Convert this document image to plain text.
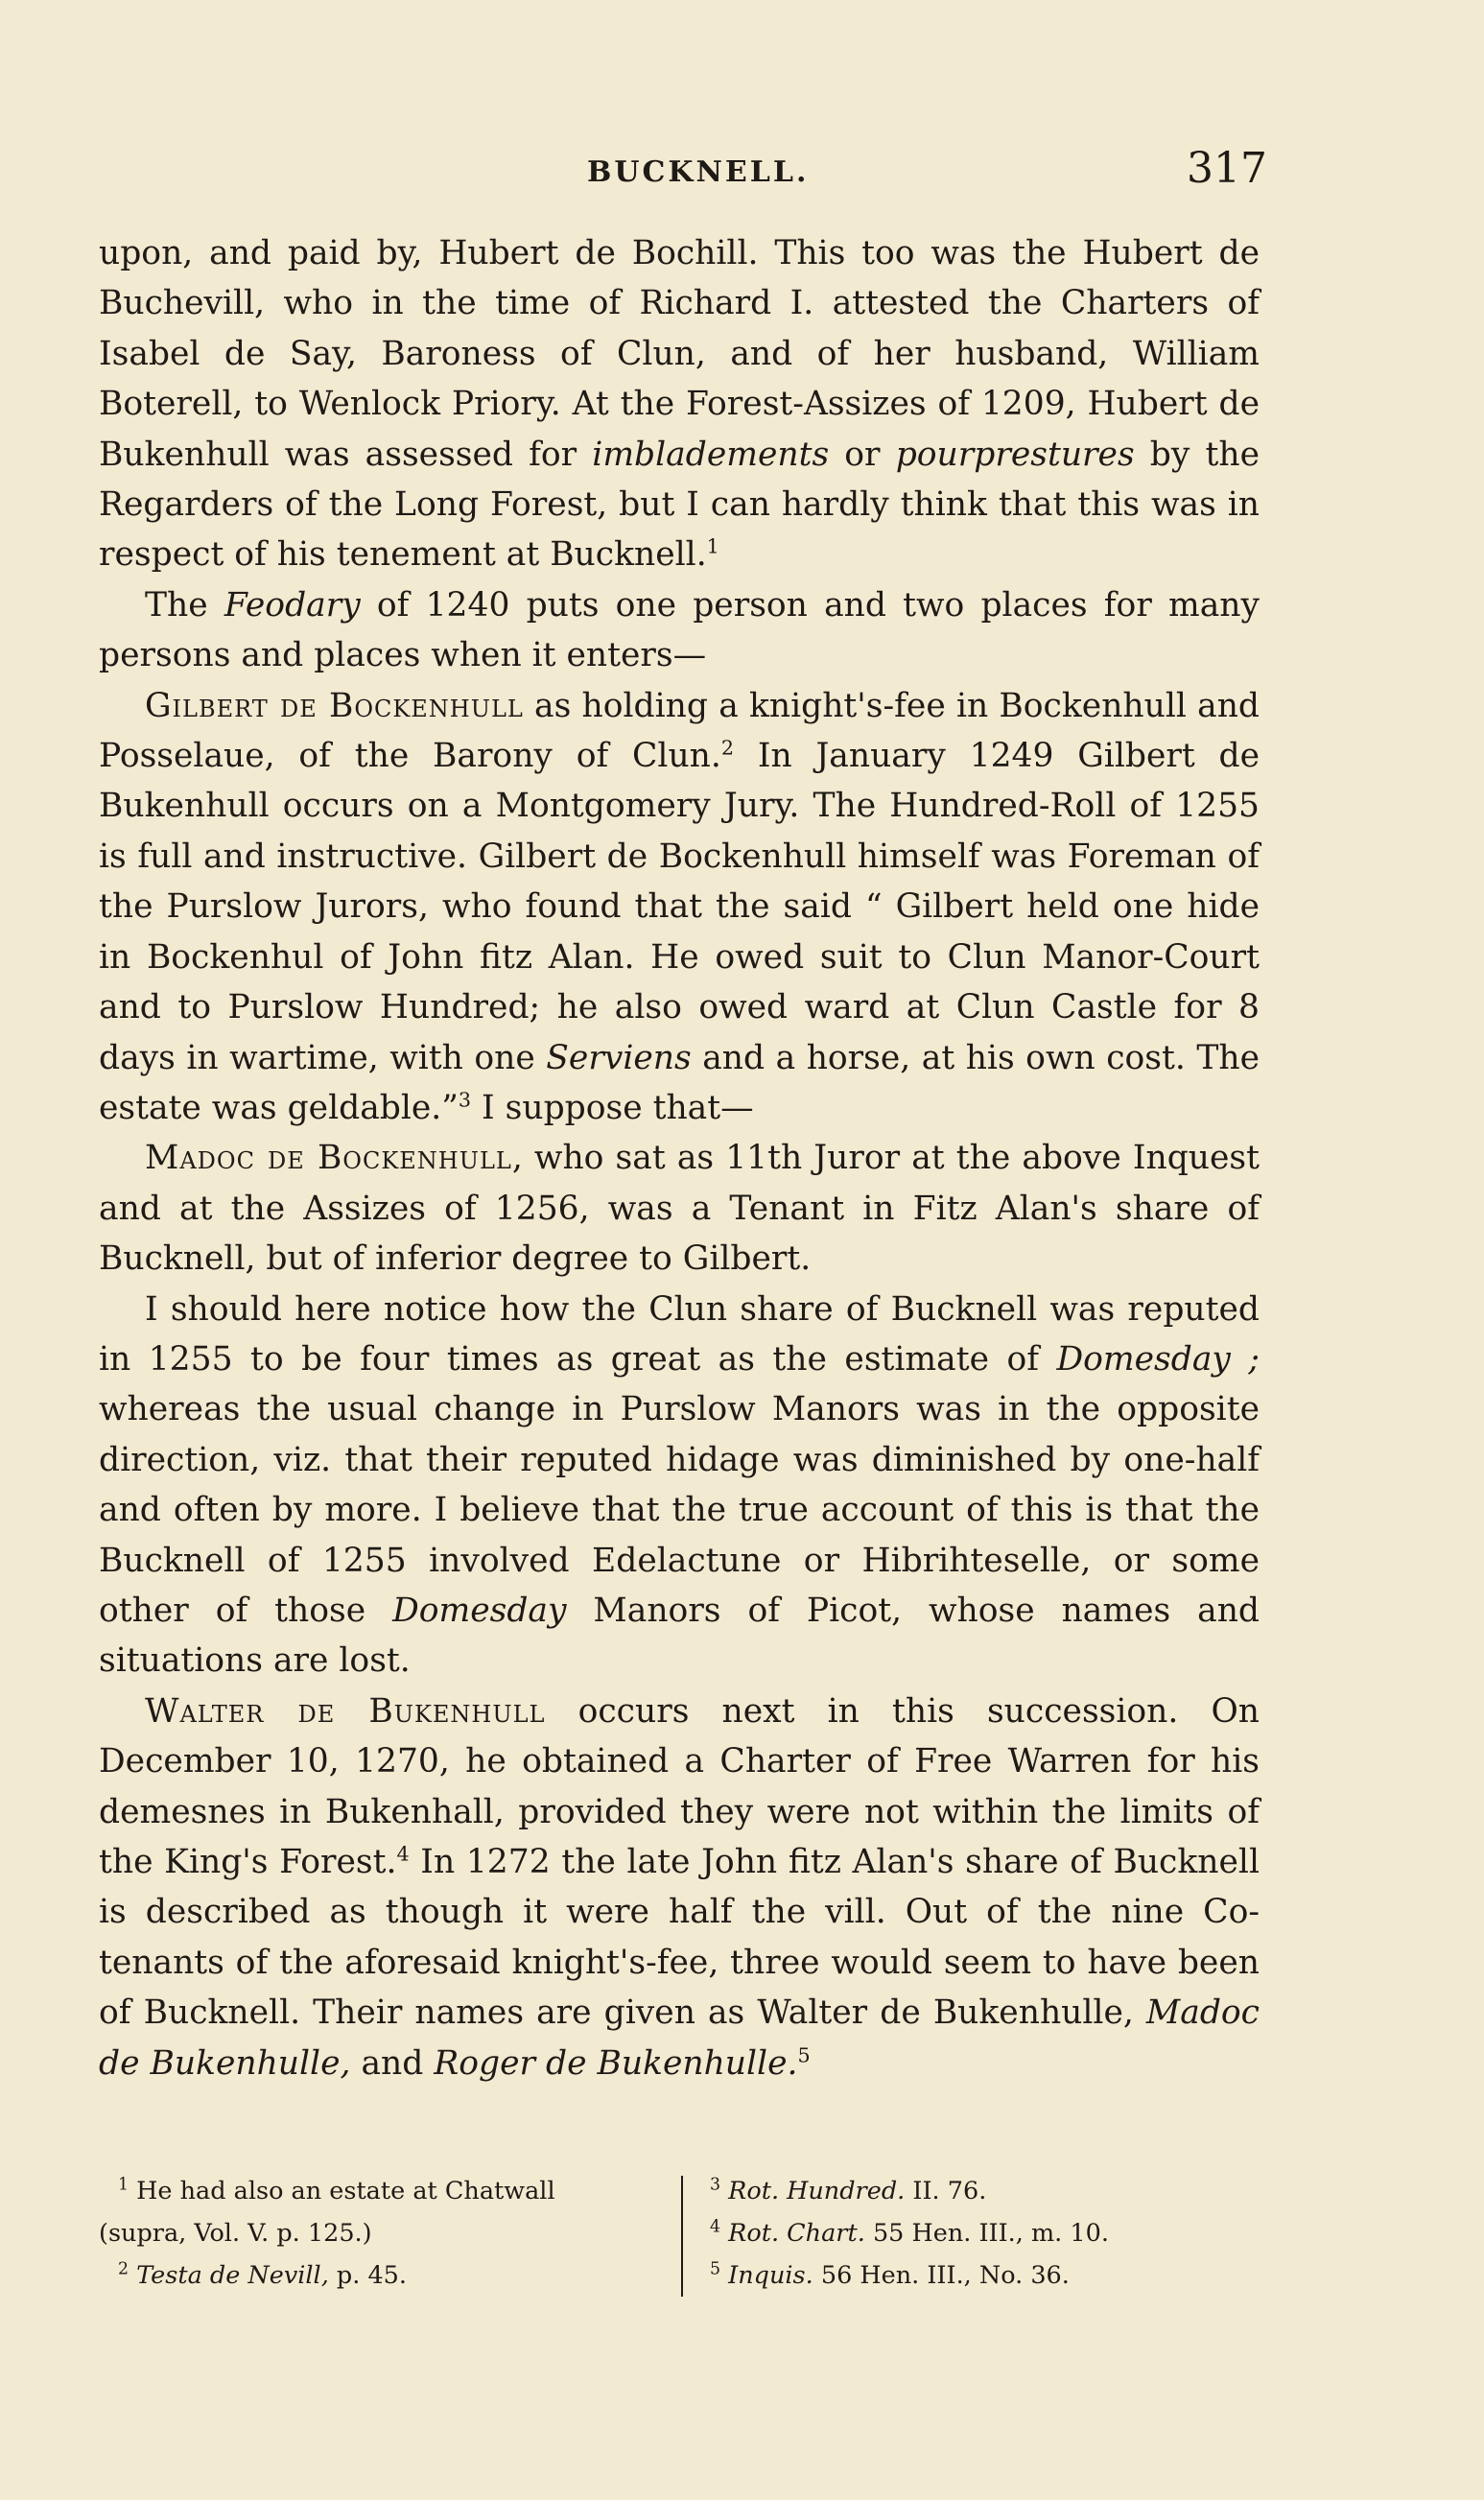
BUCKNELL.	317

upon, and paid by, Hubert de Bochill. This too was the Hubert de Buchevill, who in the time of Richard I. attested the Charters of Isabel de Say, Baroness of Clun, and of her husband, William Boterell, to Wenlock Priory. At the Forest-Assizes of 1209, Hubert de Bukenhull was assessed for imbladements or pourprestures by the Regarders of the Long Forest, but I can hardly think that this was in respect of his tenement at Bucknell.$^1$

The Feodary of 1240 puts one person and two places for many persons and places when it enters—

Gilbert de Bockenhull as holding a knight's-fee in Bockenhull and Posselaue, of the Barony of Clun.$^2$ In January 1249 Gilbert de Bukenhull occurs on a Montgomery Jury. The Hundred-Roll of 1255 is full and instructive. Gilbert de Bockenhull himself was Foreman of the Purslow Jurors, who found that the said “ Gilbert held one hide in Bockenhul of John fitz Alan. He owed suit to Clun Manor-Court and to Purslow Hundred; he also owed ward at Clun Castle for 8 days in wartime, with one Serviens and a horse, at his own cost. The estate was geldable.”$^3$ I suppose that—

Madoc de Bockenhull, who sat as 11th Juror at the above Inquest and at the Assizes of 1256, was a Tenant in Fitz Alan's share of Bucknell, but of inferior degree to Gilbert.

I should here notice how the Clun share of Bucknell was reputed in 1255 to be four times as great as the estimate of Domesday ; whereas the usual change in Purslow Manors was in the opposite direction, viz. that their reputed hidage was diminished by one-half and often by more. I believe that the true account of this is that the Bucknell of 1255 involved Edelactune or Hibrihteselle, or some other of those Domesday Manors of Picot, whose names and situations are lost.

Walter de Bukenhull occurs next in this succession. On December 10, 1270, he obtained a Charter of Free Warren for his demesnes in Bukenhall, provided they were not within the limits of the King's Forest.$^4$ In 1272 the late John fitz Alan's share of Bucknell is described as though it were half the vill. Out of the nine Co-tenants of the aforesaid knight's-fee, three would seem to have been of Bucknell. Their names are given as Walter de Bukenhulle, Madoc de Bukenhulle, and Roger de Bukenhulle.$^5$

$^1$ He had also an estate at Chatwall

(supra, Vol. V. p. 125.)

$^2$ Testa de Nevill, p. 45.

$^3$ Rot. Hundred. II. 76.

$^4$ Rot. Chart. 55 Hen. III., m. 10.

$^5$ Inquis. 56 Hen. III., No. 36.
